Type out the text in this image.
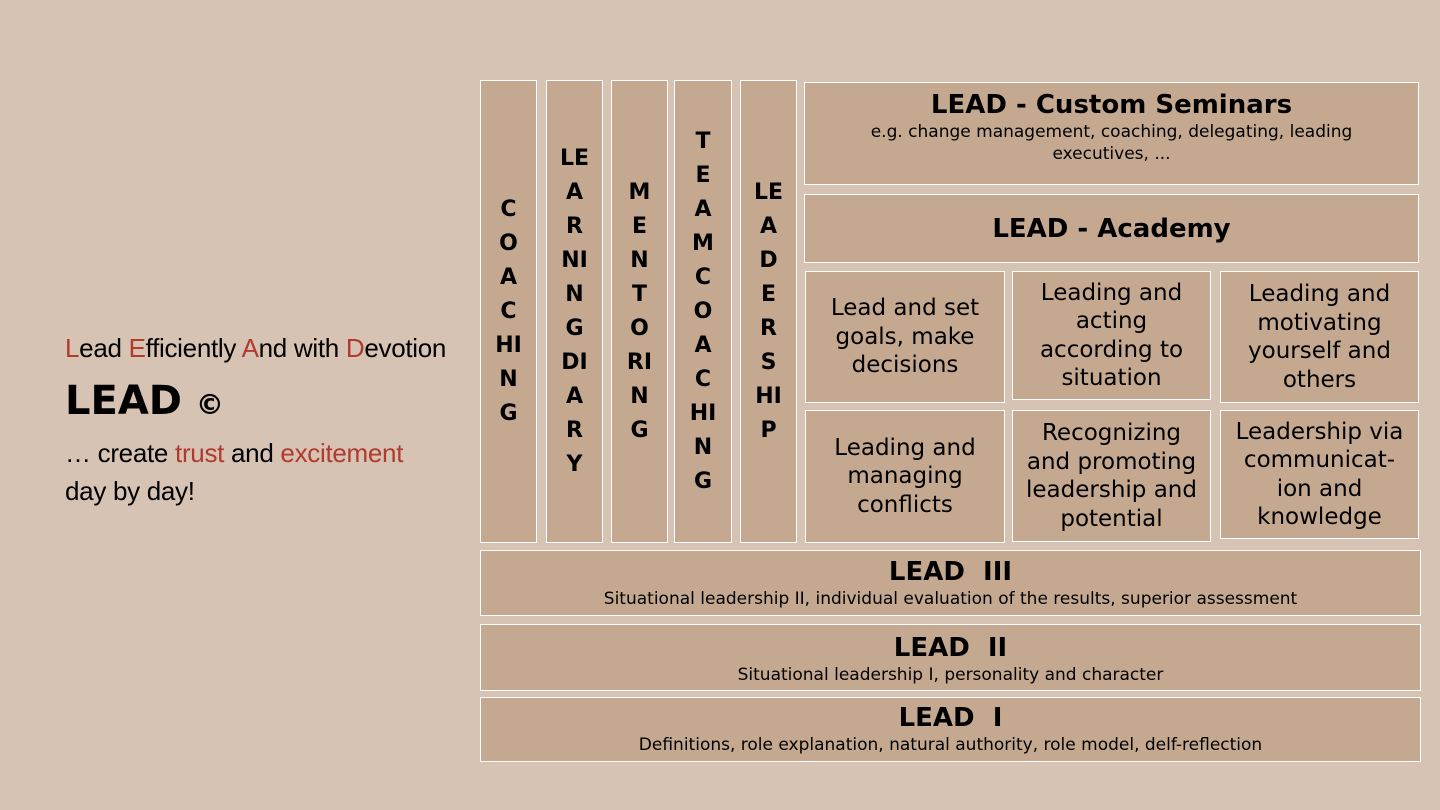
Lead Efficiently And with Devotion
LEAD ©
… create trust and excitement
day by day!
COACHING
LEARNINGDIARY
MENTORING
TEAMCOACHING
LEADERSHIP
LEAD - Custom Seminars
e.g. change management, coaching, delegating, leading executives, ...
LEAD - Academy
Lead and set goals, make decisions
Leading and acting according to situation
Leading and motivating yourself and others
Leading and managing conflicts
Recognizing and promoting leadership and potential
Leadership via communicat-ion and knowledge
LEAD  III
Situational leadership II, individual evaluation of the results, superior assessment
LEAD  II
Situational leadership I, personality and character
LEAD  I
Definitions, role explanation, natural authority, role model, delf-reflection
